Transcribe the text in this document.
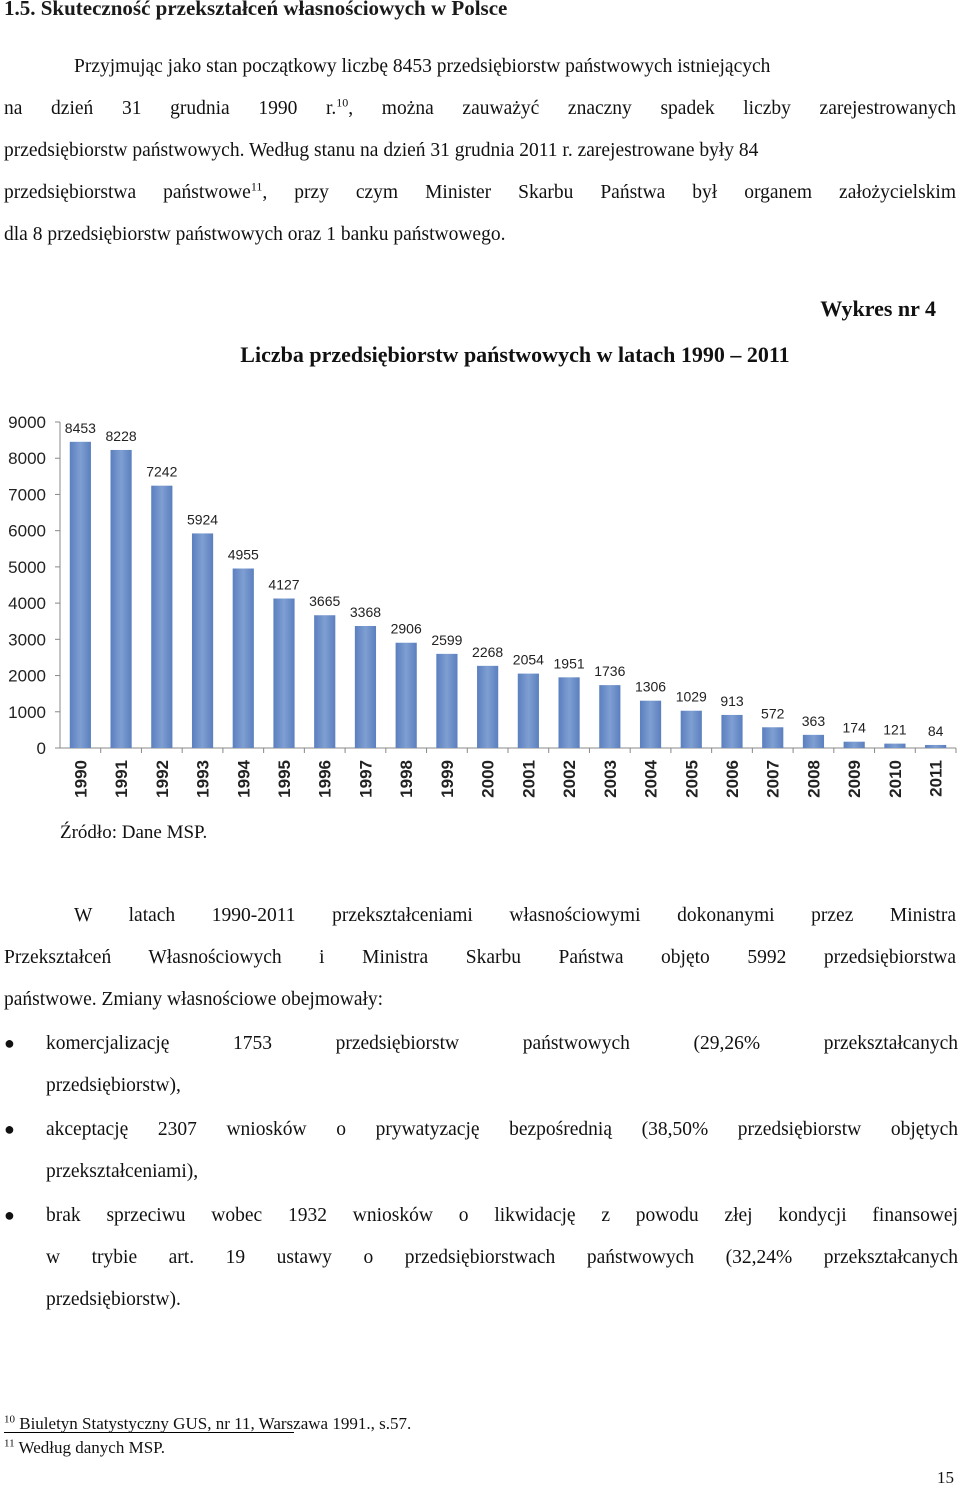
1.5. Skuteczność przekształceń własnościowych w Polsce
Przyjmując jako stan początkowy liczbę 8453 przedsiębiorstw państwowych istniejących
na dzień 31 grudnia 1990 r.$^{10}$, można zauważyć znaczny spadek liczby zarejestrowanych
przedsiębiorstw państwowych. Według stanu na dzień 31 grudnia 2011 r. zarejestrowane były 84
przedsiębiorstwa państwowe$^{11}$, przy czym Minister Skarbu Państwa był organem założycielskim
dla 8 przedsiębiorstw państwowych oraz 1 banku państwowego.
Wykres nr 4
Liczba przedsiębiorstw państwowych w latach 1990 – 2011
0
1000
2000
3000
4000
5000
6000
7000
8000
9000 8453
1990
8228
1991
7242
1992
5924
1993
4955
1994
4127
1995
3665
1996
3368
1997
2906
1998
2599
1999
2268
2000
2054
2001
1951
2002
1736
2003
1306
2004
1029
2005
913
2006
572
2007
363
2008
174
2009
121
2010
84
2011
Źródło: Dane MSP.
W latach 1990-2011 przekształceniami własnościowymi dokonanymi przez Ministra
Przekształceń Własnościowych i Ministra Skarbu Państwa objęto 5992 przedsiębiorstwa
państwowe. Zmiany własnościowe obejmowały:
● komercjalizację 1753 przedsiębiorstw państwowych (29,26% przekształcanych
przedsiębiorstw),
● akceptację 2307 wniosków o prywatyzację bezpośrednią (38,50% przedsiębiorstw objętych
przekształceniami),
● brak sprzeciwu wobec 1932 wniosków o likwidację z powodu złej kondycji finansowej
w trybie art. 19 ustawy o przedsiębiorstwach państwowych (32,24% przekształcanych
przedsiębiorstw).
$^{10}$ Biuletyn Statystyczny GUS, nr 11, Warszawa 1991., s.57.
$^{11}$ Według danych MSP.
15
